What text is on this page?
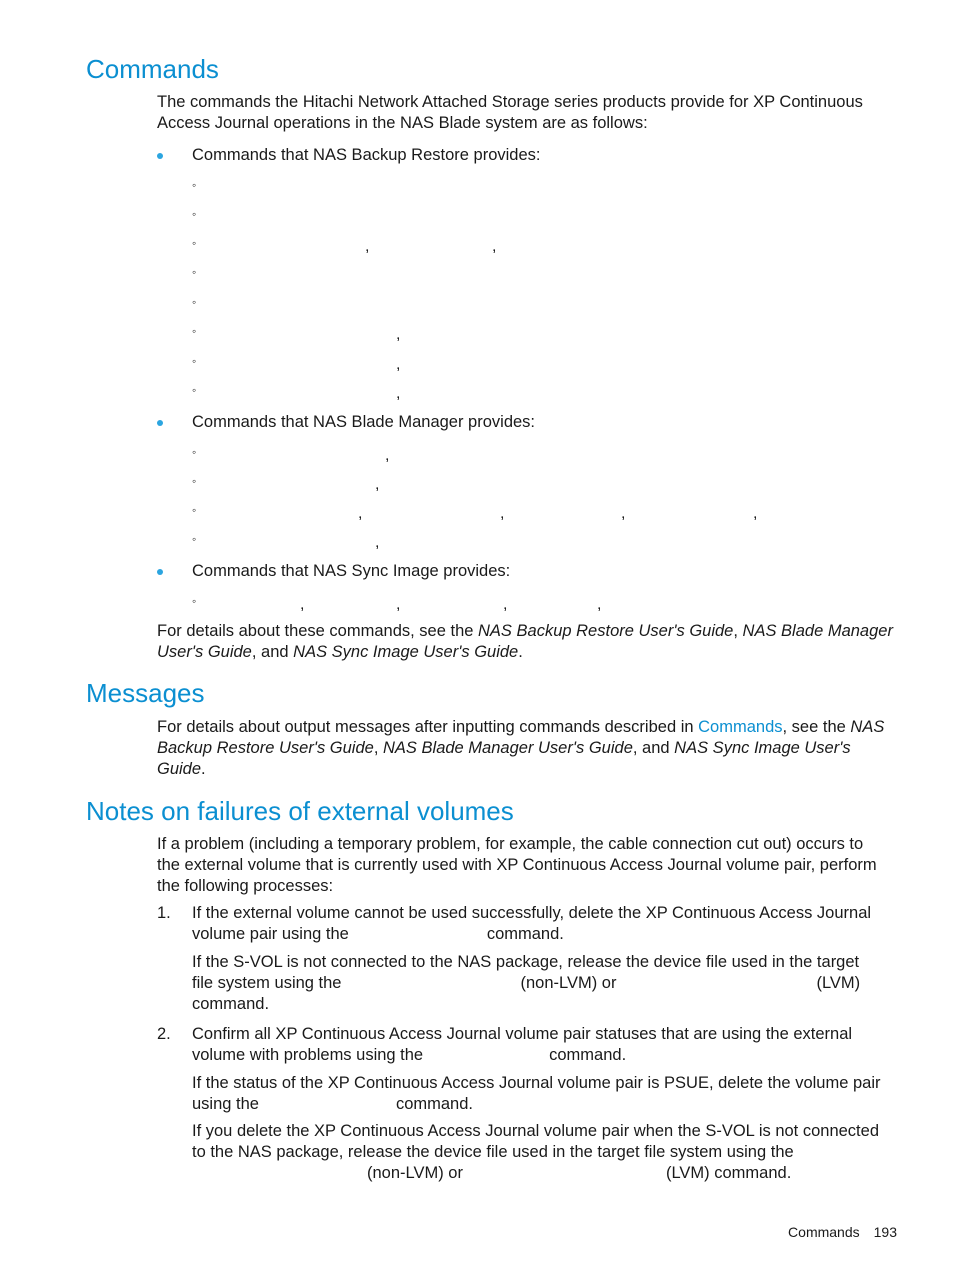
Commands
The commands the Hitachi Network Attached Storage series products provide for XP Continuous
Access Journal operations in the NAS Blade system are as follows:
Commands that NAS Backup Restore provides:
◦
◦
◦	,	,
◦
◦
◦	,
◦	,
◦	,
Commands that NAS Blade Manager provides:
◦	,
◦	,
◦	,	,	,	,
◦	,
Commands that NAS Sync Image provides:
◦	,	,	,	,
For details about these commands, see the NAS Backup Restore User's Guide, NAS Blade Manager
User's Guide, and NAS Sync Image User's Guide.
Messages
For details about output messages after inputting commands described in Commands, see the NAS
Backup Restore User's Guide, NAS Blade Manager User's Guide, and NAS Sync Image User's
Guide.
Notes on failures of external volumes
If a problem (including a temporary problem, for example, the cable connection cut out) occurs to
the external volume that is currently used with XP Continuous Access Journal volume pair, perform
the following processes:
1. If the external volume cannot be used successfully, delete the XP Continuous Access Journal
volume pair using the	command.
If the S-VOL is not connected to the NAS package, release the device file used in the target
file system using the	(non-LVM) or	(LVM)
command.
2. Confirm all XP Continuous Access Journal volume pair statuses that are using the external
volume with problems using the	command.
If the status of the XP Continuous Access Journal volume pair is PSUE, delete the volume pair
using the	command.
If you delete the XP Continuous Access Journal volume pair when the S-VOL is not connected
to the NAS package, release the device file used in the target file system using the
(non-LVM) or	(LVM) command.
Commands 193
